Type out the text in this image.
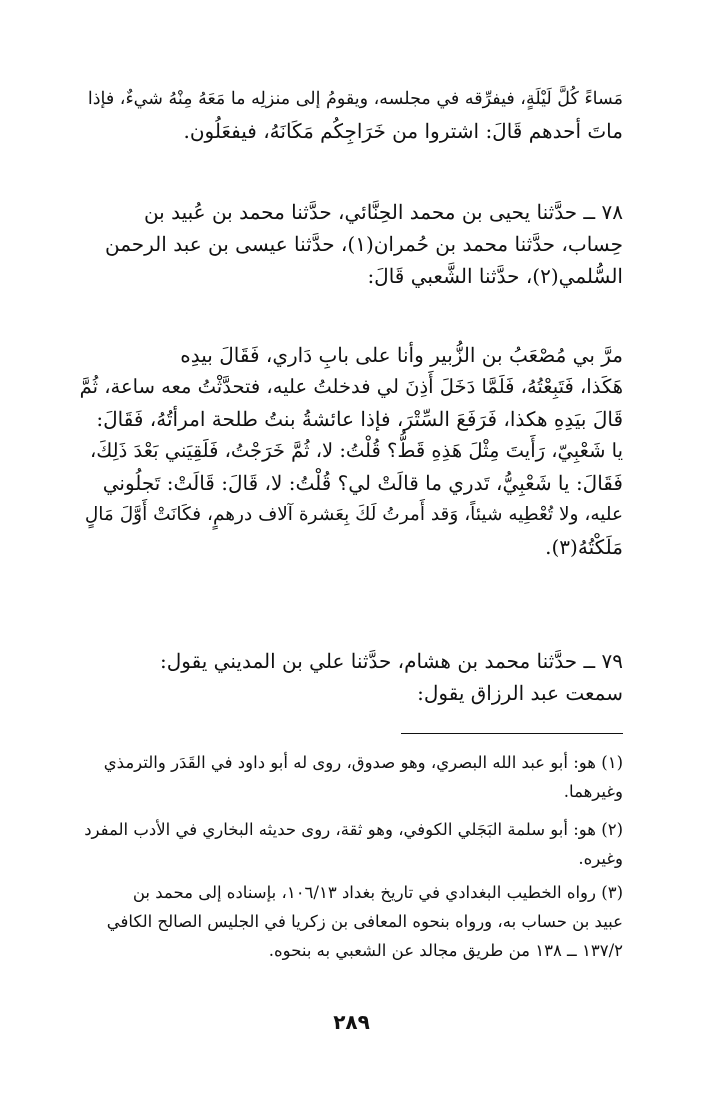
مَساءً كُلَّ لَيْلَةٍ، فيفرِّقه في مجلسه، ويقومُ إلى منزلِه ما مَعَهُ مِنْهُ شيءٌ، فإذا
ماتَ أحدهم قَالَ: اشتروا من خَرَاجِكُم مَكَانَهُ، فيفعَلُون.
٧٨ ــ حدَّثنا يحيى بن محمد الحِنَّائي، حدَّثنا محمد بن عُبيد بن
حِساب، حدَّثنا محمد بن حُمران(١)، حدَّثنا عيسى بن عبد الرحمن
السُّلمي(٢)، حدَّثنا الشَّعبي قَالَ:
مرَّ بي مُصْعَبُ بن الزُّبير وأنا على بابِ دَاري، فَقَالَ بيدِه
هَكَذا، فَتَبِعْتُهُ، فَلَمَّا دَخَلَ أَذِنَ لي فدخلتُ عليه، فتحدَّثْتُ معه ساعة، ثُمَّ
قَالَ بيَدِهِ هكذا، فَرَفَعَ السِّتْرَ، فإذا عائشةُ بنتُ طلحة امرأتُهُ، فَقَالَ:
يا شَعْبِيّ، رَأَيتَ مِثْلَ هَذِهِ قَطُّ؟ قُلْتُ: لا، ثُمَّ خَرَجْتُ، فَلَقِيَني بَعْدَ ذَلِكَ،
فَقَالَ: يا شَعْبِيُّ، تَدري ما قالَتْ لي؟ قُلْتُ: لا، قَالَ: قَالَتْ: تَجلُوني
عليه، ولا تُعْطِيه شيئاً، وَقد أَمرتُ لَكَ بِعَشرة آلاف درهمٍ، فكَانَتْ أَوَّلَ مَالٍ
مَلَكْتُهُ(٣).
٧٩ ــ حدَّثنا محمد بن هشام، حدَّثنا علي بن المديني يقول:
سمعت عبد الرزاق يقول:
(١) هو: أبو عبد الله البصري، وهو صدوق، روى له أبو داود في القَدَر والترمذي
وغيرهما.
(٢) هو: أبو سلمة البَجَلي الكوفي، وهو ثقة، روى حديثه البخاري في الأدب المفرد
وغيره.
(٣) رواه الخطيب البغدادي في تاريخ بغداد ١٠٦/١٣، بإسناده إلى محمد بن
عبيد بن حساب به، ورواه بنحوه المعافى بن زكريا في الجليس الصالح الكافي
١٣٧/٢ ــ ١٣٨ من طريق مجالد عن الشعبي به بنحوه.
٢٨٩
